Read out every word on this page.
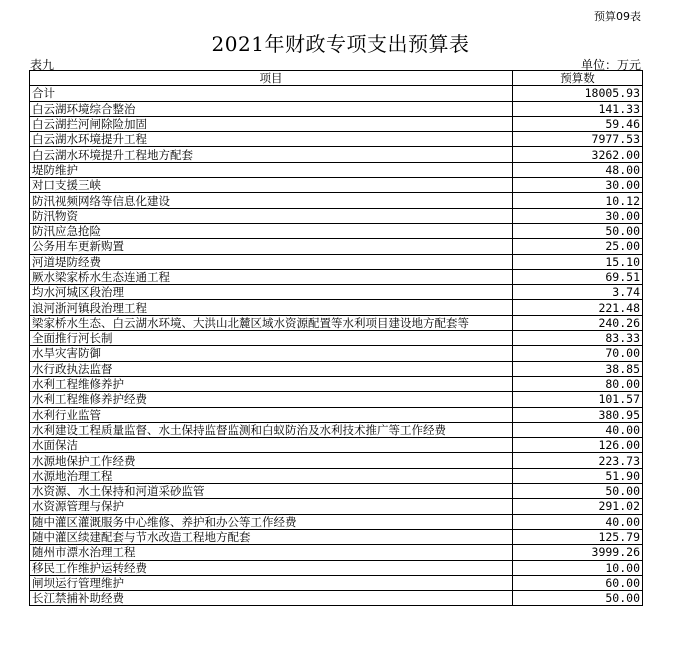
预算09表
2021年财政专项支出预算表
表九	单位：万元
项目	预算数
合计	18005.93
白云湖环境综合整治	141.33
白云湖拦河闸除险加固	59.46
白云湖水环境提升工程	7977.53
白云湖水环境提升工程地方配套	3262.00
堤防维护	48.00
对口支援三峡	30.00
防汛视频网络等信息化建设	10.12
防汛物资	30.00
防汛应急抢险	50.00
公务用车更新购置	25.00
河道堤防经费	15.10
厥水梁家桥水生态连通工程	69.51
均水河城区段治理	3.74
浪河浙河镇段治理工程	221.48
梁家桥水生态、白云湖水环境、大洪山北麓区域水资源配置等水利项目建设地方配套等	240.26
全面推行河长制	83.33
水旱灾害防御	70.00
水行政执法监督	38.85
水利工程维修养护	80.00
水利工程维修养护经费	101.57
水利行业监管	380.95
水利建设工程质量监督、水土保持监督监测和白蚁防治及水利技术推广等工作经费	40.00
水面保洁	126.00
水源地保护工作经费	223.73
水源地治理工程	51.90
水资源、水土保持和河道采砂监管	50.00
水资源管理与保护	291.02
随中灌区灌溉服务中心维修、养护和办公等工作经费	40.00
随中灌区续建配套与节水改造工程地方配套	125.79
随州市漂水治理工程	3999.26
移民工作维护运转经费	10.00
闸坝运行管理维护	60.00
长江禁捕补助经费	50.00
